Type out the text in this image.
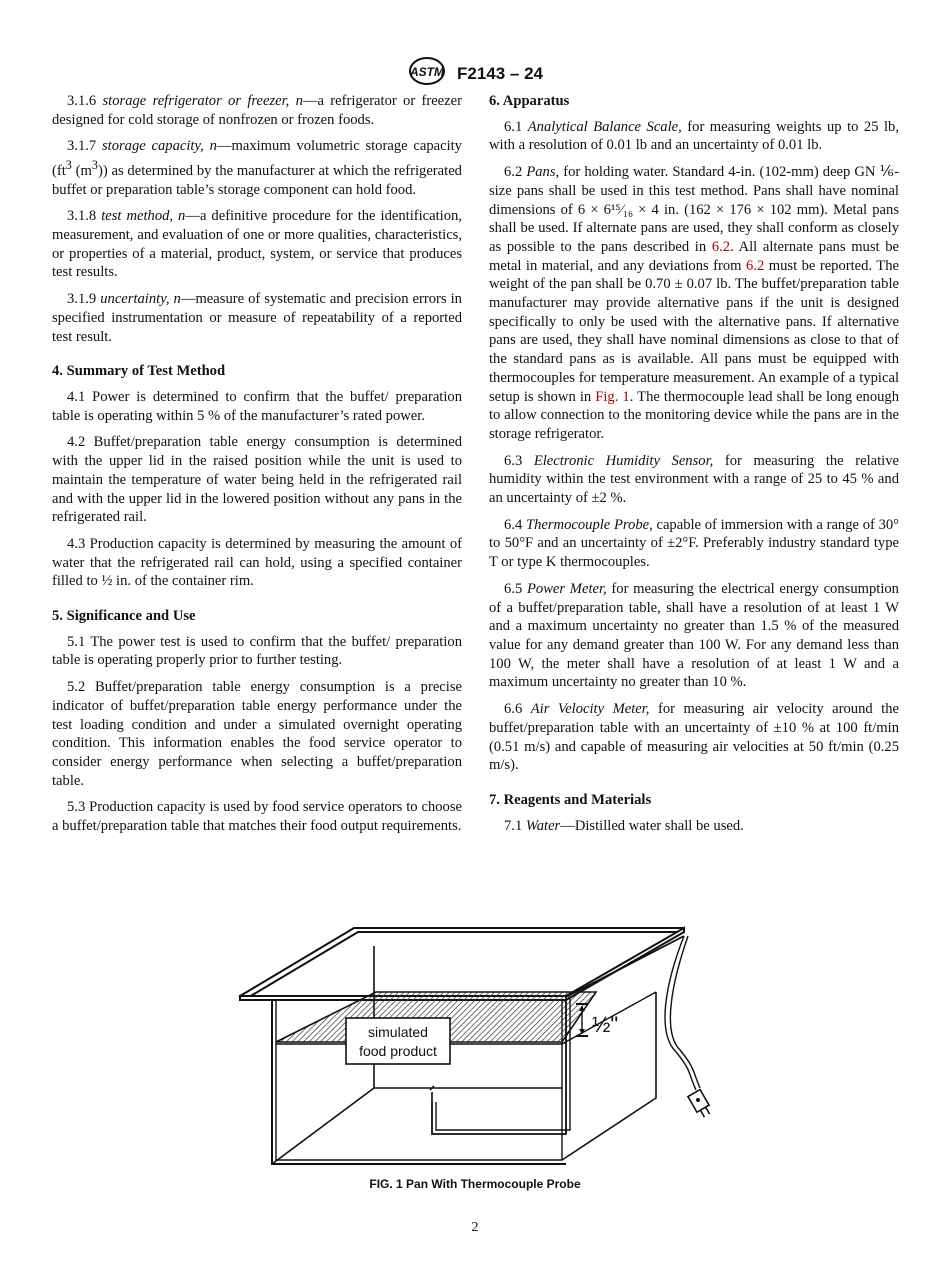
ASTM F2143 – 24

3.1.6 storage refrigerator or freezer, n—a refrigerator or freezer designed for cold storage of nonfrozen or frozen foods.

3.1.7 storage capacity, n—maximum volumetric storage capacity ($ft^3$ $(m^3)$) as determined by the manufacturer at which the refrigerated buffet or preparation table’s storage component can hold food.

3.1.8 test method, n—a definitive procedure for the identification, measurement, and evaluation of one or more qualities, characteristics, or properties of a material, product, system, or service that produces test results.

3.1.9 uncertainty, n—measure of systematic and precision errors in specified instrumentation or measure of repeatability of a reported test result.

4. Summary of Test Method

4.1 Power is determined to confirm that the buffet/ preparation table is operating within 5 % of the manufacturer’s rated power.

4.2 Buffet/preparation table energy consumption is determined with the upper lid in the raised position while the unit is used to maintain the temperature of water being held in the refrigerated rail and with the upper lid in the lowered position without any pans in the refrigerated rail.

4.3 Production capacity is determined by measuring the amount of water that the refrigerated rail can hold, using a specified container filled to ½ in. of the container rim.

5. Significance and Use

5.1 The power test is used to confirm that the buffet/ preparation table is operating properly prior to further testing.

5.2 Buffet/preparation table energy consumption is a precise indicator of buffet/preparation table energy performance under the test loading condition and under a simulated overnight operating condition. This information enables the food service operator to consider energy performance when selecting a buffet/preparation table.

5.3 Production capacity is used by food service operators to choose a buffet/preparation table that matches their food output requirements.

6. Apparatus

6.1 Analytical Balance Scale, for measuring weights up to 25 lb, with a resolution of 0.01 lb and an uncertainty of 0.01 lb.

6.2 Pans, for holding water. Standard 4-in. (102-mm) deep GN ⅙-size pans shall be used in this test method. Pans shall have nominal dimensions of 6 × 6¹⁵⁄₁₆ × 4 in. (162 × 176 × 102 mm). Metal pans shall be used. If alternate pans are used, they shall conform as closely as possible to the pans described in 6.2. All alternate pans must be metal in material, and any deviations from 6.2 must be reported. The weight of the pan shall be 0.70 ± 0.07 lb. The buffet/preparation table manufacturer may provide alternative pans if the unit is designed specifically to only be used with the alternative pans. If alternative pans are used, they shall have nominal dimensions as close to that of the standard pans as is available. All pans must be equipped with thermocouples for temperature measurement. An example of a typical setup is shown in Fig. 1. The thermocouple lead shall be long enough to allow connection to the monitoring device while the pans are in the storage refrigerator.

6.3 Electronic Humidity Sensor, for measuring the relative humidity within the test environment with a range of 25 to 45 % and an uncertainty of ±2 %.

6.4 Thermocouple Probe, capable of immersion with a range of 30° to 50°F and an uncertainty of ±2°F. Preferably industry standard type T or type K thermocouples.

6.5 Power Meter, for measuring the electrical energy consumption of a buffet/preparation table, shall have a resolution of at least 1 W and a maximum uncertainty no greater than 1.5 % of the measured value for any demand greater than 100 W. For any demand less than 100 W, the meter shall have a resolution of at least 1 W and a maximum uncertainty no greater than 10 %.

6.6 Air Velocity Meter, for measuring air velocity around the buffet/preparation table with an uncertainty of ±10 % at 100 ft/min (0.51 m/s) and capable of measuring air velocities at 50 ft/min (0.25 m/s).

7. Reagents and Materials

7.1 Water—Distilled water shall be used.

simulated
food product
½"
FIG. 1 Pan With Thermocouple Probe
2
